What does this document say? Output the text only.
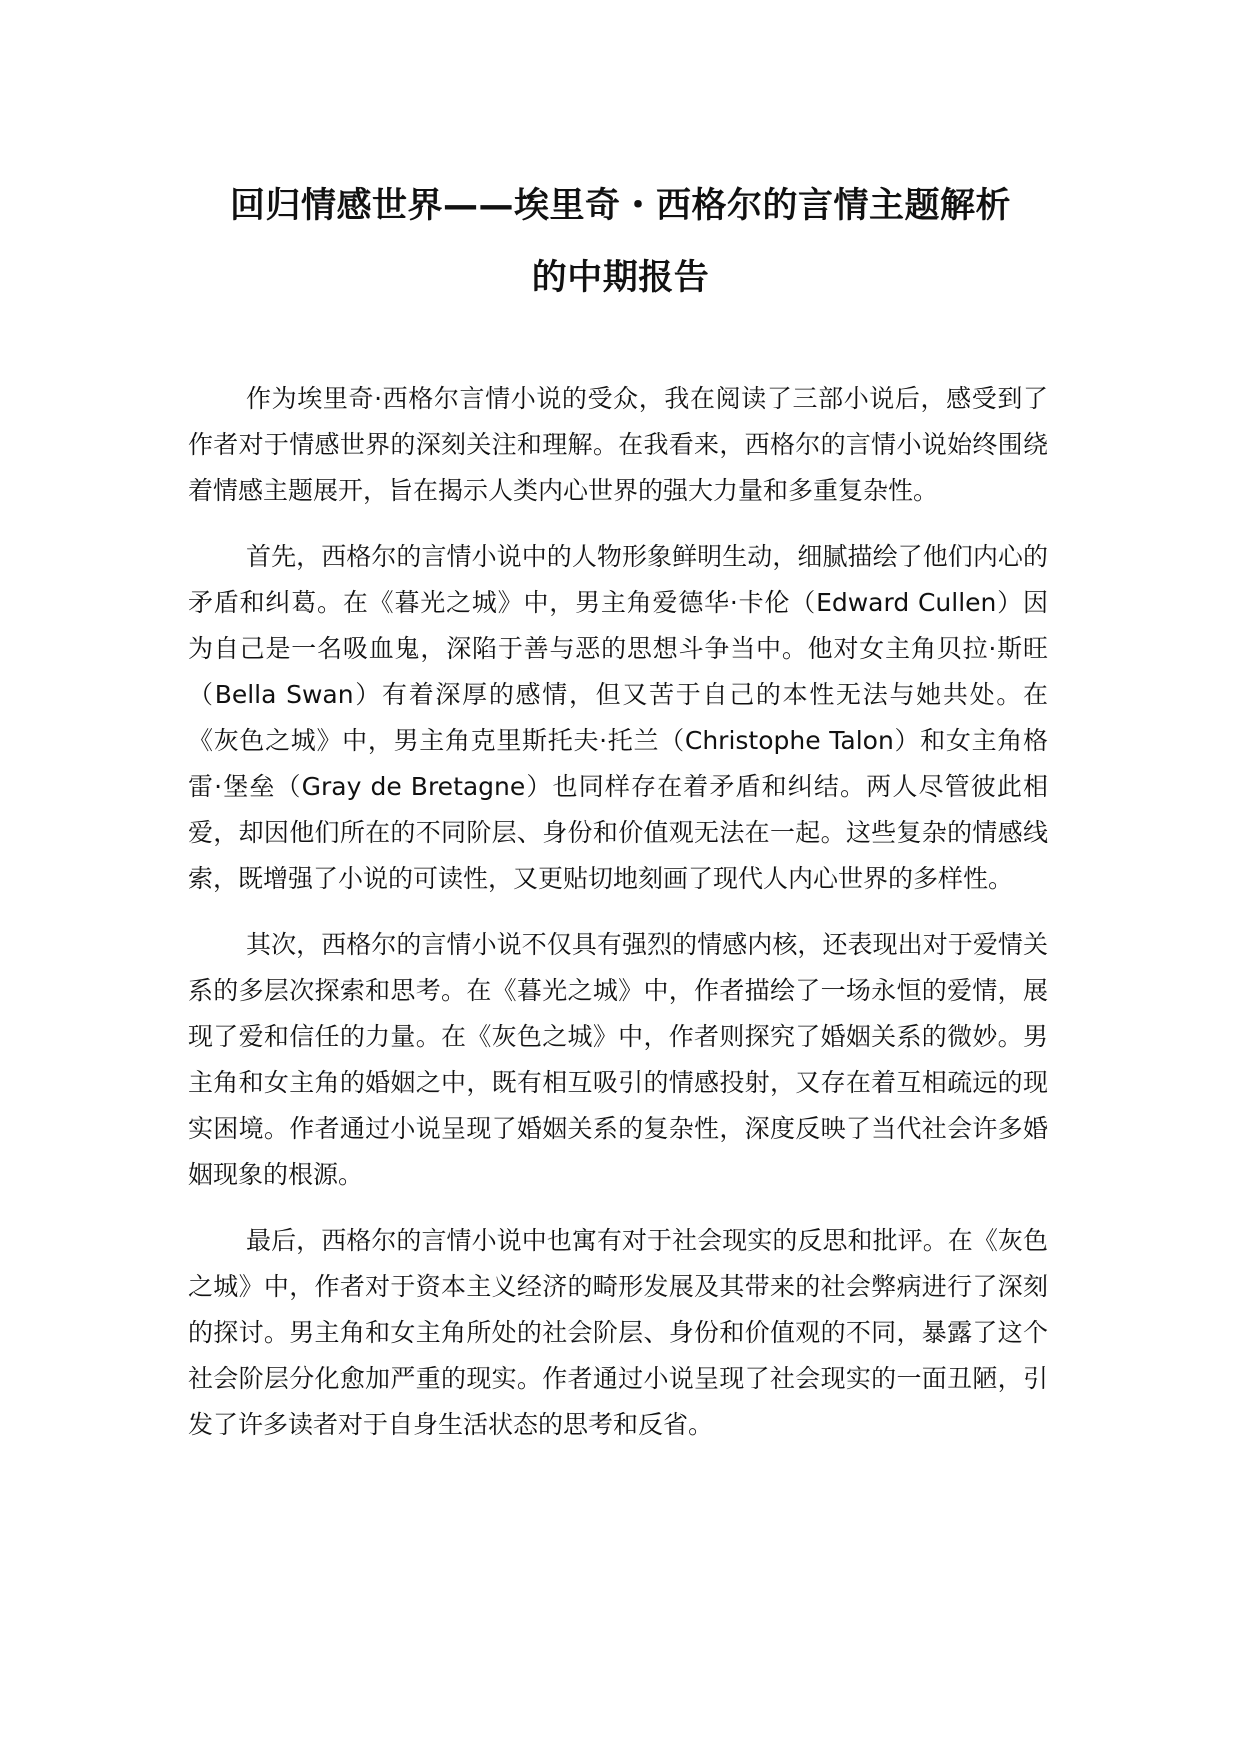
回归情感世界——埃里奇・西格尔的言情主题解析
的中期报告

作为埃里奇·西格尔言情小说的受众，我在阅读了三部小说后，感受到了作者对于情感世界的深刻关注和理解。在我看来，西格尔的言情小说始终围绕着情感主题展开，旨在揭示人类内心世界的强大力量和多重复杂性。

首先，西格尔的言情小说中的人物形象鲜明生动，细腻描绘了他们内心的矛盾和纠葛。在《暮光之城》中，男主角爱德华·卡伦（Edward Cullen）因为自己是一名吸血鬼，深陷于善与恶的思想斗争当中。他对女主角贝拉·斯旺（Bella Swan）有着深厚的感情，但又苦于自己的本性无法与她共处。在《灰色之城》中，男主角克里斯托夫·托兰（Christophe Talon）和女主角格雷·堡垒（Gray de Bretagne）也同样存在着矛盾和纠结。两人尽管彼此相爱，却因他们所在的不同阶层、身份和价值观无法在一起。这些复杂的情感线索，既增强了小说的可读性，又更贴切地刻画了现代人内心世界的多样性。

其次，西格尔的言情小说不仅具有强烈的情感内核，还表现出对于爱情关系的多层次探索和思考。在《暮光之城》中，作者描绘了一场永恒的爱情，展现了爱和信任的力量。在《灰色之城》中，作者则探究了婚姻关系的微妙。男主角和女主角的婚姻之中，既有相互吸引的情感投射，又存在着互相疏远的现实困境。作者通过小说呈现了婚姻关系的复杂性，深度反映了当代社会许多婚姻现象的根源。

最后，西格尔的言情小说中也寓有对于社会现实的反思和批评。在《灰色之城》中，作者对于资本主义经济的畸形发展及其带来的社会弊病进行了深刻的探讨。男主角和女主角所处的社会阶层、身份和价值观的不同，暴露了这个社会阶层分化愈加严重的现实。作者通过小说呈现了社会现实的一面丑陋，引发了许多读者对于自身生活状态的思考和反省。
